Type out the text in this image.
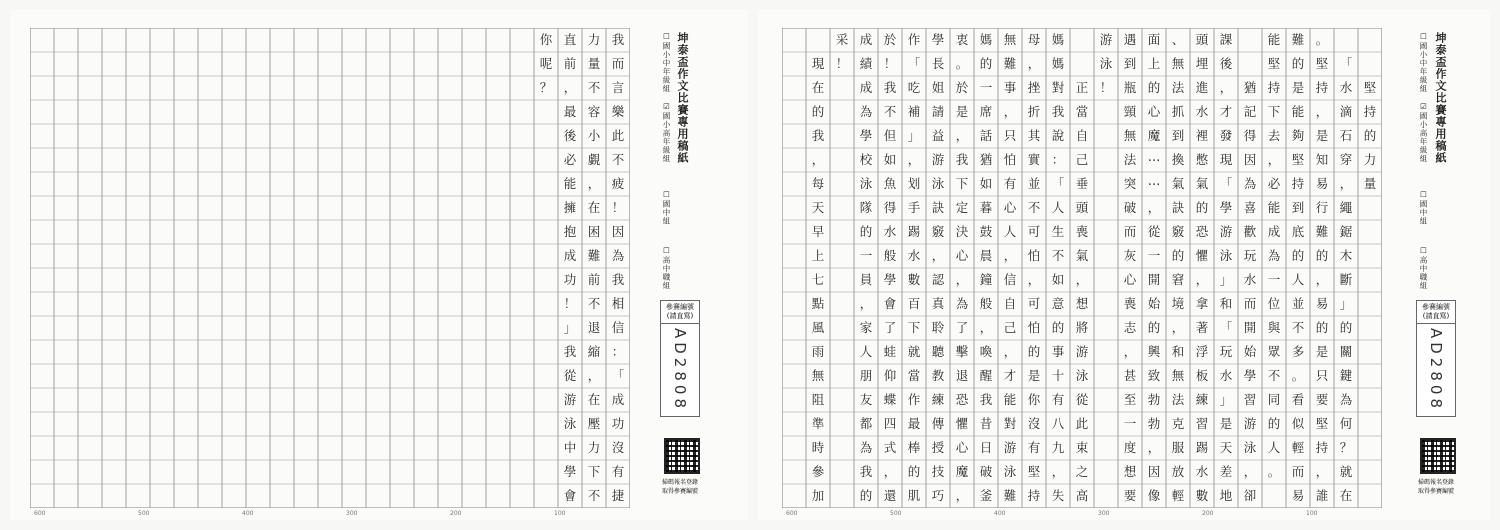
我
而
言
樂
此
不
疲
！
因
為
我
相
信
：
「
成
功
沒
有
捷
力
量
不
容
小
覷
，
在
困
難
前
不
退
縮
，
在
壓
力
下
不
直
前
，
最
後
必
能
擁
抱
成
功
！
」
我
從
游
泳
中
學
會
你
呢
？
600	500	400	300	200	100
坤泰盃作文比賽專用稿紙
☐國小中年級組
☑國小高年級組
☐國中組
☐高中職組
參賽編號
(請直寫)
AD2808
掃碼報名登錄
取得參賽編號

堅
持
的
力
量

「
水
滴
石
穿
，
繩
鋸
木
斷
」
的
關
鍵
為
何
？
就
在
。
堅
持
，
是
知
易
行
難
的
，
易
的
是
只
要
堅
持
，
誰
難
的
是
能
夠
堅
持
到
底
的
人
並
不
多
。
看
似
輕
而
易
能
堅
持
下
去
，
必
能
成
為
一
位
與
眾
不
同
的
人
。

猶
記
得
因
為
喜
歡
玩
水
而
開
始
學
習
游
泳
，
卻
課
後
，
才
發
現
「
學
游
泳
」
和
「
玩
水
」
是
天
差
地
頭
埋
進
水
裡
憋
氣
的
恐
懼
，
拿
著
浮
板
練
習
踢
水
數
、
無
法
抓
到
換
氣
訣
竅
的
窘
境
，
和
無
法
克
服
放
輕
面
上
的
心
魔
⋯
⋯
，
從
一
開
始
的
興
致
勃
勃
，
因
像
遇
到
瓶
頸
無
法
突
破
而
灰
心
喪
志
，
甚
至
一
度
想
要
游
泳
！

正
當
自
己
垂
頭
喪
氣
，
想
將
游
泳
從
此
束
之
高
媽
媽
對
我
說
：
「
人
生
不
如
意
的
事
十
有
八
九
，
失
母
，
挫
折
其
實
並
不
可
怕
，
可
怕
的
是
你
沒
有
堅
持
無
難
事
，
只
怕
有
心
人
，
信
自
己
，
才
能
對
游
泳
難
媽
的
一
席
話
猶
如
暮
鼓
晨
鐘
般
，
喚
醒
我
昔
日
破
釜
衷
。
於
是
，
我
下
定
決
心
，
為
了
擊
退
恐
懼
心
魔
，
學
長
姐
請
益
游
泳
訣
竅
，
認
真
聆
聽
教
練
傳
授
技
巧
作
「
吃
補
」
，
划
手
踢
水
數
百
下
就
當
作
最
棒
的
肌
於
！
我
不
但
如
魚
得
水
般
學
會
了
蛙
仰
蝶
四
式
，
還
成
績
成
為
學
校
泳
隊
的
一
員
，
家
人
朋
友
都
為
我
的
采
！

現
在
的
我
，
每
天
早
上
七
點
風
雨
無
阻
準
時
參
加
600	500	400	300	200	100
坤泰盃作文比賽專用稿紙
☐國小中年級組
☑國小高年級組
☐國中組
☐高中職組
參賽編號
(請直寫)
AD2808
掃碼報名登錄
取得參賽編號
